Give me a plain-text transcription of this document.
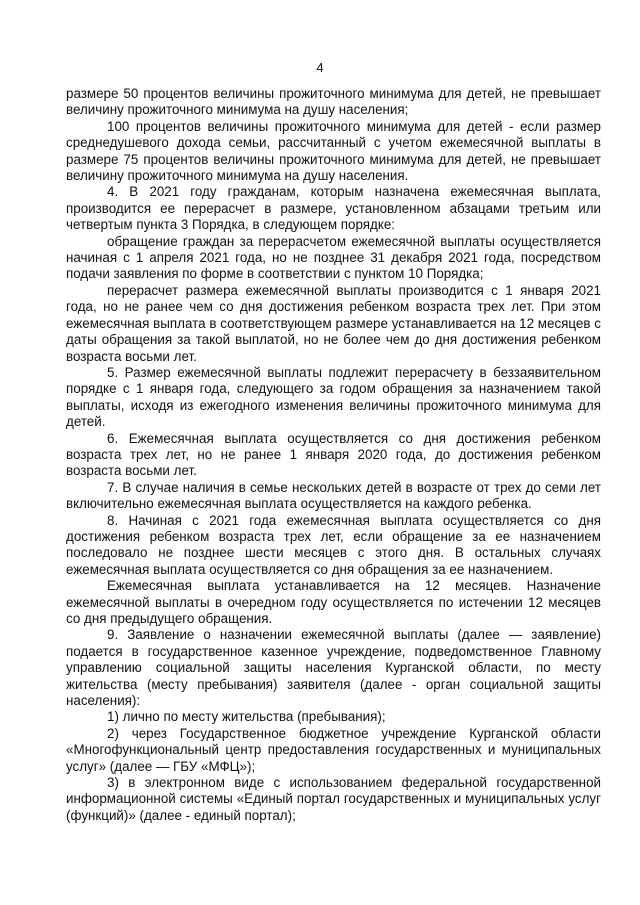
4

размере 50 процентов величины прожиточного минимума для детей, не превышает величину прожиточного минимума на душу населения;

100 процентов величины прожиточного минимума для детей - если размер среднедушевого дохода семьи, рассчитанный с учетом ежемесячной выплаты в размере 75 процентов величины прожиточного минимума для детей, не превышает величину прожиточного минимума на душу населения.

4. В 2021 году гражданам, которым назначена ежемесячная выплата, производится ее перерасчет в размере, установленном абзацами третьим или четвертым пункта 3 Порядка, в следующем порядке:

обращение граждан за перерасчетом ежемесячной выплаты осуществляется начиная с 1 апреля 2021 года, но не позднее 31 декабря 2021 года, посредством подачи заявления по форме в соответствии с пунктом 10 Порядка;

перерасчет размера ежемесячной выплаты производится с 1 января 2021 года, но не ранее чем со дня достижения ребенком возраста трех лет. При этом ежемесячная выплата в соответствующем размере устанавливается на 12 месяцев с даты обращения за такой выплатой, но не более чем до дня достижения ребенком возраста восьми лет.

5. Размер ежемесячной выплаты подлежит перерасчету в беззаявительном порядке с 1 января года, следующего за годом обращения за назначением такой выплаты, исходя из ежегодного изменения величины прожиточного минимума для детей.

6. Ежемесячная выплата осуществляется со дня достижения ребенком возраста трех лет, но не ранее 1 января 2020 года, до достижения ребенком возраста восьми лет.

7. В случае наличия в семье нескольких детей в возрасте от трех до семи лет включительно ежемесячная выплата осуществляется на каждого ребенка.

8. Начиная с 2021 года ежемесячная выплата осуществляется со дня достижения ребенком возраста трех лет, если обращение за ее назначением последовало не позднее шести месяцев с этого дня. В остальных случаях ежемесячная выплата осуществляется со дня обращения за ее назначением.

Ежемесячная выплата устанавливается на 12 месяцев. Назначение ежемесячной выплаты в очередном году осуществляется по истечении 12 месяцев со дня предыдущего обращения.

9. Заявление о назначении ежемесячной выплаты (далее — заявление) подается в государственное казенное учреждение, подведомственное Главному управлению социальной защиты населения Курганской области, по месту жительства (месту пребывания) заявителя (далее - орган социальной защиты населения):

1) лично по месту жительства (пребывания);

2) через Государственное бюджетное учреждение Курганской области «Многофункциональный центр предоставления государственных и муниципальных услуг» (далее — ГБУ «МФЦ»);

3) в электронном виде с использованием федеральной государственной информационной системы «Единый портал государственных и муниципальных услуг (функций)» (далее - единый портал);
